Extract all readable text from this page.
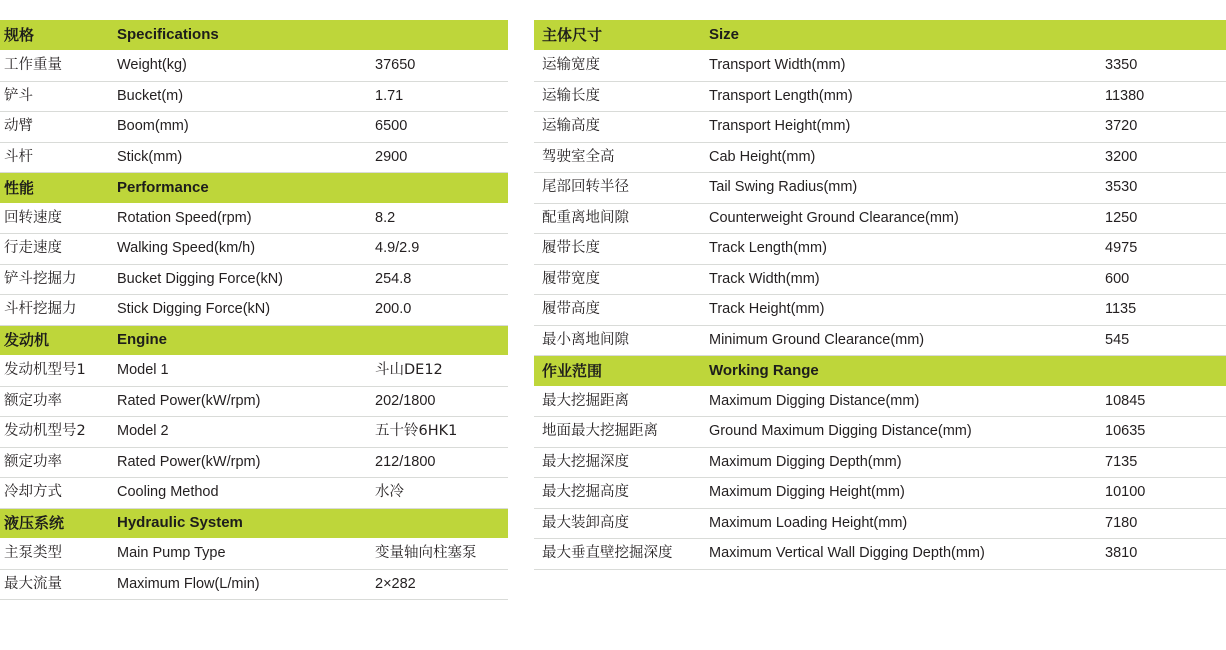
规格	Specifications	
工作重量	Weight(kg)	37650
铲斗	Bucket(m)	1.71
动臂	Boom(mm)	6500
斗杆	Stick(mm)	2900
性能	Performance	
回转速度	Rotation Speed(rpm)	8.2
行走速度	Walking Speed(km/h)	4.9/2.9
铲斗挖掘力	Bucket Digging Force(kN)	254.8
斗杆挖掘力	Stick Digging Force(kN)	200.0
发动机	Engine	
发动机型号1	Model 1	斗山DE12
额定功率	Rated Power(kW/rpm)	202/1800
发动机型号2	Model 2	五十铃6HK1
额定功率	Rated Power(kW/rpm)	212/1800
冷却方式	Cooling Method	水冷
液压系统	Hydraulic System	
主泵类型	Main Pump Type	变量轴向柱塞泵
最大流量	Maximum Flow(L/min)	2×282
主体尺寸	Size	
运输宽度	Transport Width(mm)	3350
运输长度	Transport Length(mm)	11380
运输高度	Transport Height(mm)	3720
驾驶室全高	Cab Height(mm)	3200
尾部回转半径	Tail Swing Radius(mm)	3530
配重离地间隙	Counterweight Ground Clearance(mm)	1250
履带长度	Track Length(mm)	4975
履带宽度	Track Width(mm)	600
履带高度	Track Height(mm)	1135
最小离地间隙	Minimum Ground Clearance(mm)	545
作业范围	Working Range	
最大挖掘距离	Maximum Digging Distance(mm)	10845
地面最大挖掘距离	Ground Maximum Digging Distance(mm)	10635
最大挖掘深度	Maximum Digging Depth(mm)	7135
最大挖掘高度	Maximum Digging Height(mm)	10100
最大装卸高度	Maximum Loading Height(mm)	7180
最大垂直壁挖掘深度	Maximum Vertical Wall Digging Depth(mm)	3810
